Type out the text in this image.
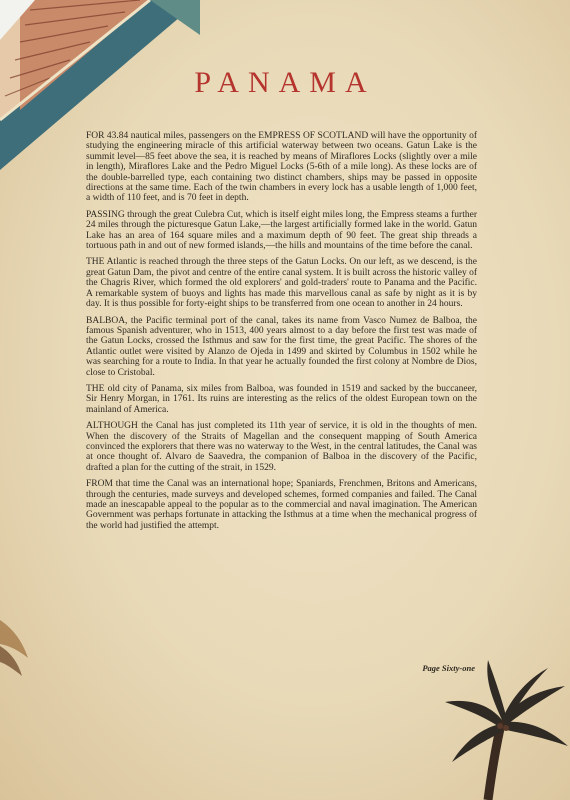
PANAMA

FOR 43.84 nautical miles, passengers on the EMPRESS OF SCOTLAND will have the opportunity of studying the engineering miracle of this artificial waterway between two oceans. Gatun Lake is the summit level—85 feet above the sea, it is reached by means of Miraflores Locks (slightly over a mile in length), Miraflores Lake and the Pedro Miguel Locks (5-6th of a mile long). As these locks are of the double-barrelled type, each containing two distinct chambers, ships may be passed in opposite directions at the same time. Each of the twin chambers in every lock has a usable length of 1,000 feet, a width of 110 feet, and is 70 feet in depth.

PASSING through the great Culebra Cut, which is itself eight miles long, the Empress steams a further 24 miles through the picturesque Gatun Lake,—the largest artificially formed lake in the world. Gatun Lake has an area of 164 square miles and a maximum depth of 90 feet. The great ship threads a tortuous path in and out of new formed islands,—the hills and mountains of the time before the canal.

THE Atlantic is reached through the three steps of the Gatun Locks. On our left, as we descend, is the great Gatun Dam, the pivot and centre of the entire canal system. It is built across the historic valley of the Chagris River, which formed the old explorers' and gold-traders' route to Panama and the Pacific. A remarkable system of buoys and lights has made this marvellous canal as safe by night as it is by day. It is thus possible for forty-eight ships to be transferred from one ocean to another in 24 hours.

BALBOA, the Pacific terminal port of the canal, takes its name from Vasco Numez de Balboa, the famous Spanish adventurer, who in 1513, 400 years almost to a day before the first test was made of the Gatun Locks, crossed the Isthmus and saw for the first time, the great Pacific. The shores of the Atlantic outlet were visited by Alanzo de Ojeda in 1499 and skirted by Columbus in 1502 while he was searching for a route to India. In that year he actually founded the first colony at Nombre de Dios, close to Cristobal.

THE old city of Panama, six miles from Balboa, was founded in 1519 and sacked by the buccaneer, Sir Henry Morgan, in 1761. Its ruins are interesting as the relics of the oldest European town on the mainland of America.

ALTHOUGH the Canal has just completed its 11th year of service, it is old in the thoughts of men. When the discovery of the Straits of Magellan and the consequent mapping of South America convinced the explorers that there was no waterway to the West, in the central latitudes, the Canal was at once thought of. Alvaro de Saavedra, the companion of Balboa in the discovery of the Pacific, drafted a plan for the cutting of the strait, in 1529.

FROM that time the Canal was an international hope; Spaniards, Frenchmen, Britons and Americans, through the centuries, made surveys and developed schemes, formed companies and failed. The Canal made an inescapable appeal to the popular as to the commercial and naval imagination. The American Government was perhaps fortunate in attacking the Isthmus at a time when the mechanical progress of the world had justified the attempt.

Page Sixty-one
